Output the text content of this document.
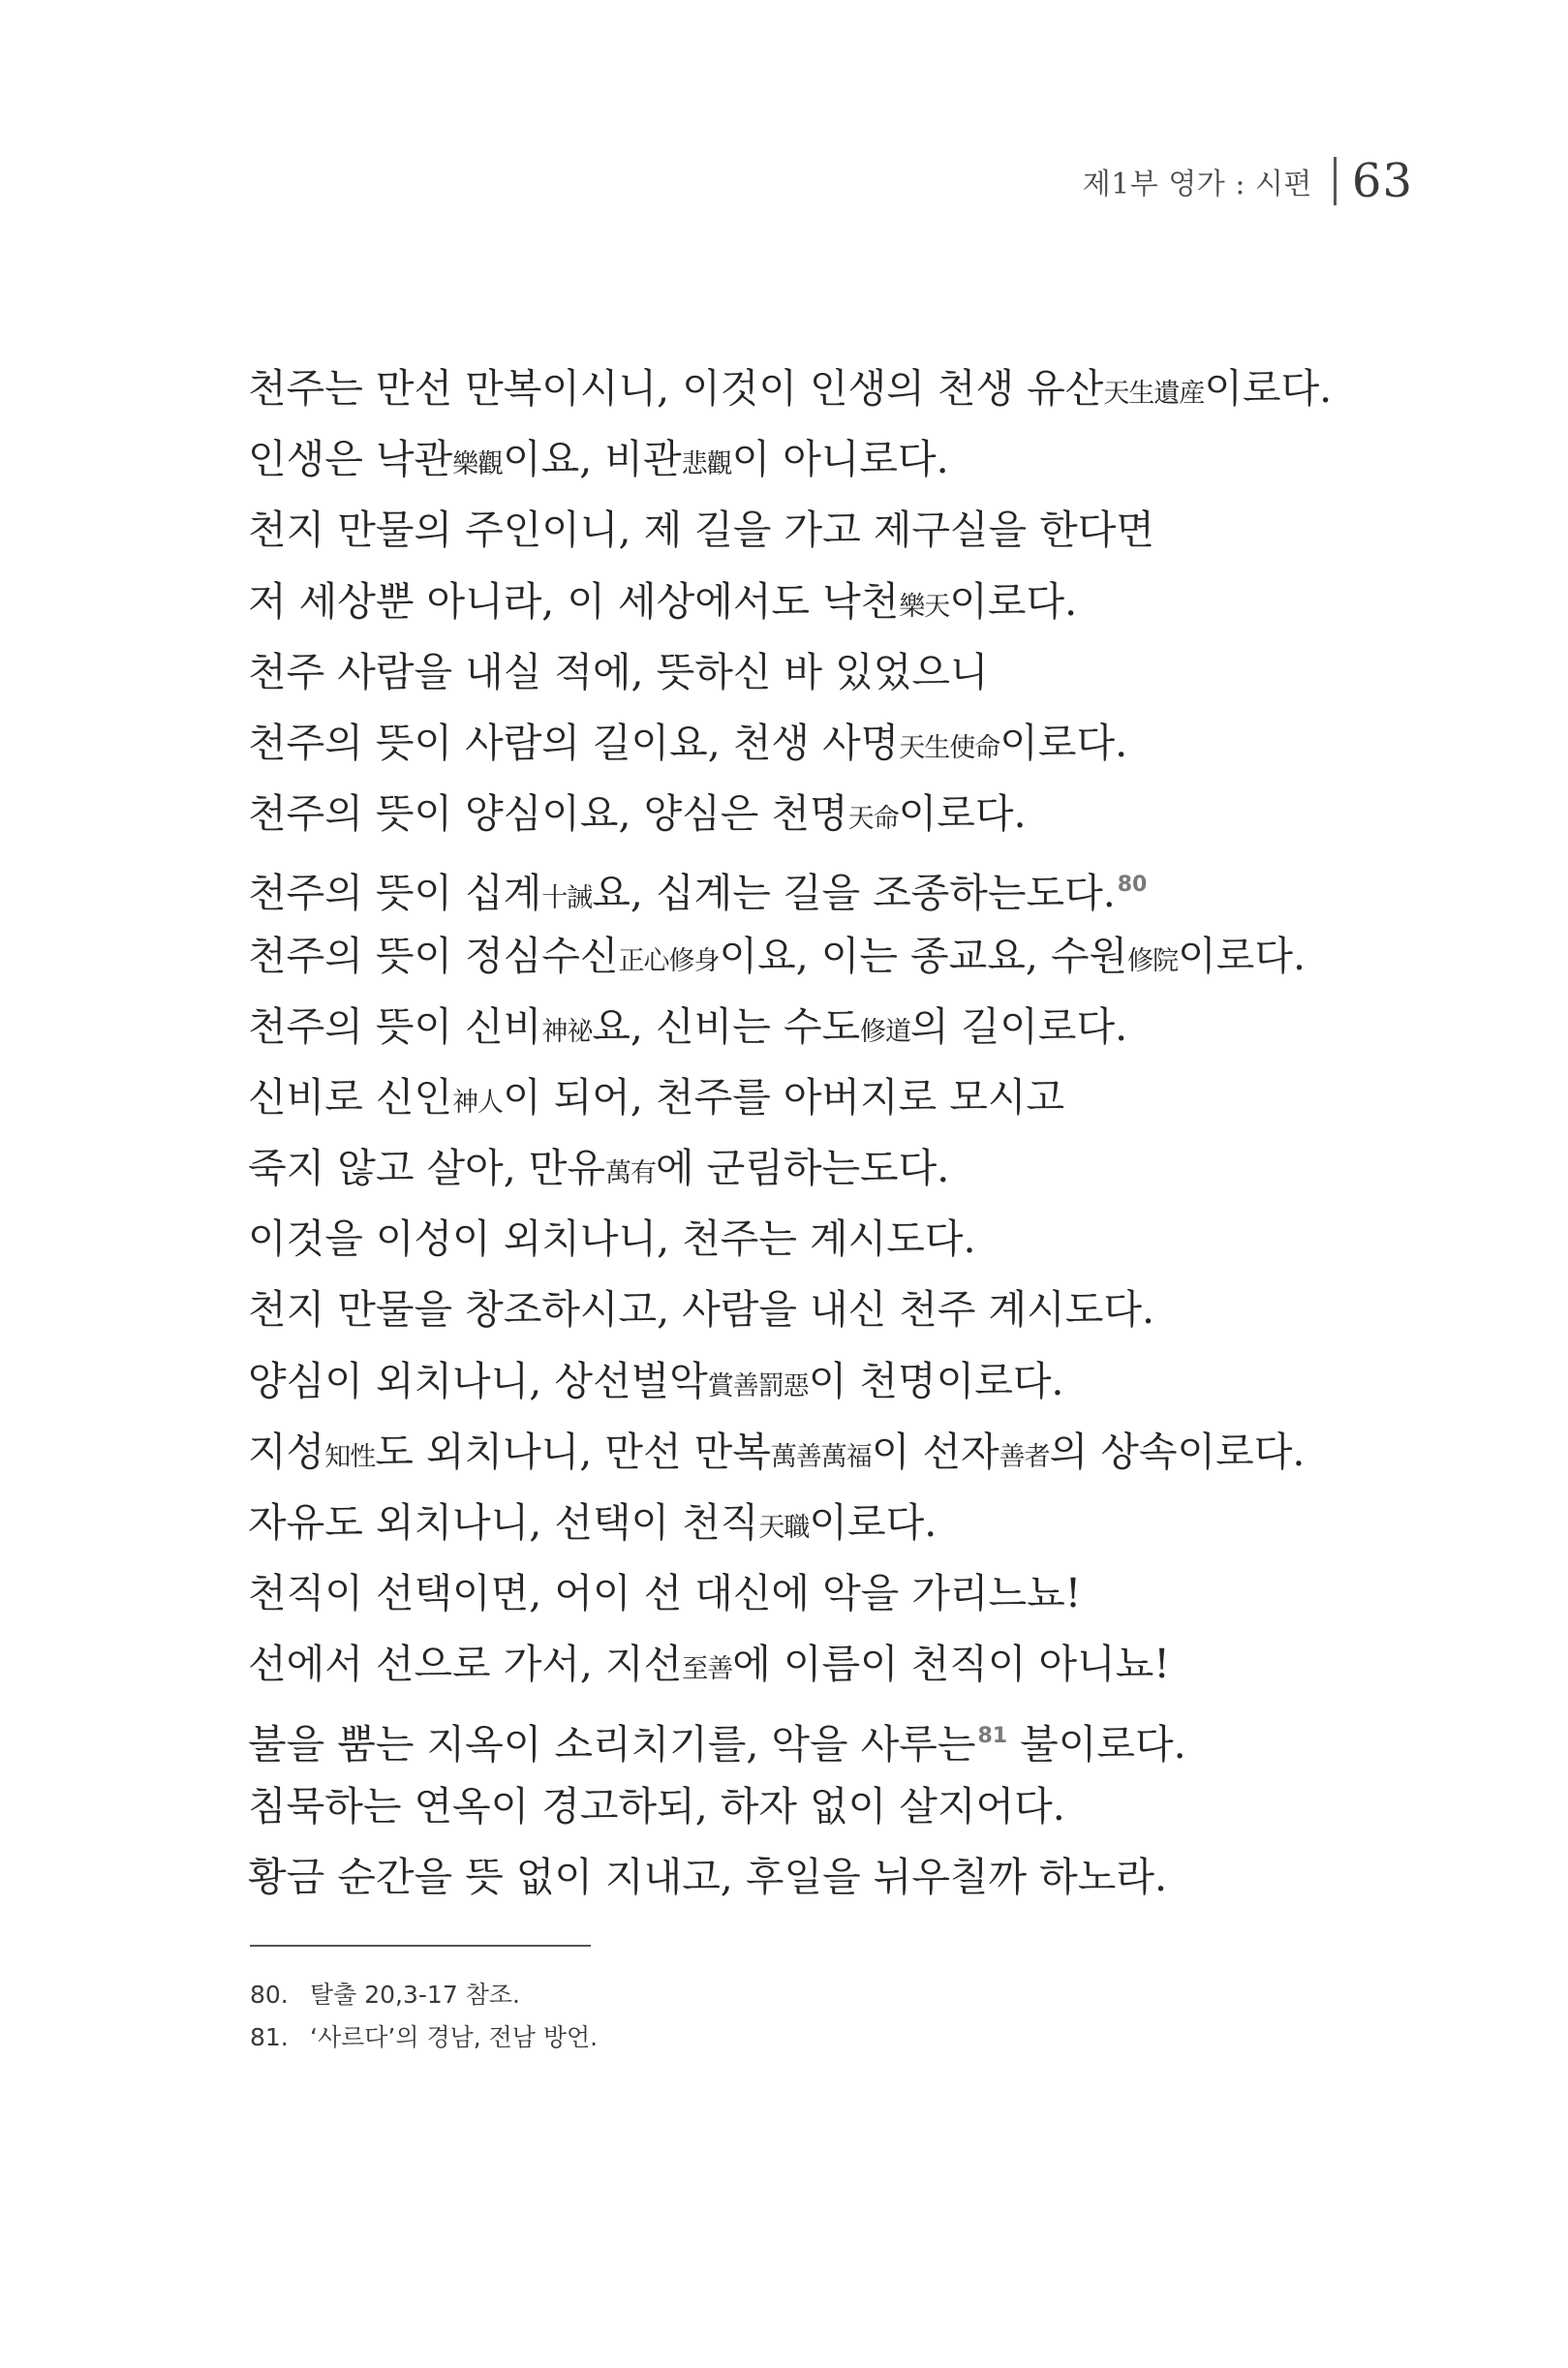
제1부 영가 : 시편 63
천주는 만선 만복이시니, 이것이 인생의 천생 유산天生遺産이로다.
인생은 낙관樂觀이요, 비관悲觀이 아니로다.
천지 만물의 주인이니, 제 길을 가고 제구실을 한다면
저 세상뿐 아니라, 이 세상에서도 낙천樂天이로다.
천주 사람을 내실 적에, 뜻하신 바 있었으니
천주의 뜻이 사람의 길이요, 천생 사명天生使命이로다.
천주의 뜻이 양심이요, 양심은 천명天命이로다.
천주의 뜻이 십계十誡요, 십계는 길을 조종하는도다.$^{80}$
천주의 뜻이 정심수신正心修身이요, 이는 종교요, 수원修院이로다.
천주의 뜻이 신비神祕요, 신비는 수도修道의 길이로다.
신비로 신인神人이 되어, 천주를 아버지로 모시고
죽지 않고 살아, 만유萬有에 군림하는도다.
이것을 이성이 외치나니, 천주는 계시도다.
천지 만물을 창조하시고, 사람을 내신 천주 계시도다.
양심이 외치나니, 상선벌악賞善罰惡이 천명이로다.
지성知性도 외치나니, 만선 만복萬善萬福이 선자善者의 상속이로다.
자유도 외치나니, 선택이 천직天職이로다.
천직이 선택이면, 어이 선 대신에 악을 가리느뇨!
선에서 선으로 가서, 지선至善에 이름이 천직이 아니뇨!
불을 뿜는 지옥이 소리치기를, 악을 사루는$^{81}$ 불이로다.
침묵하는 연옥이 경고하되, 하자 없이 살지어다.
황금 순간을 뜻 없이 지내고, 후일을 뉘우칠까 하노라.
80. 탈출 20,3-17 참조.
81. ‘사르다’의 경남, 전남 방언.
